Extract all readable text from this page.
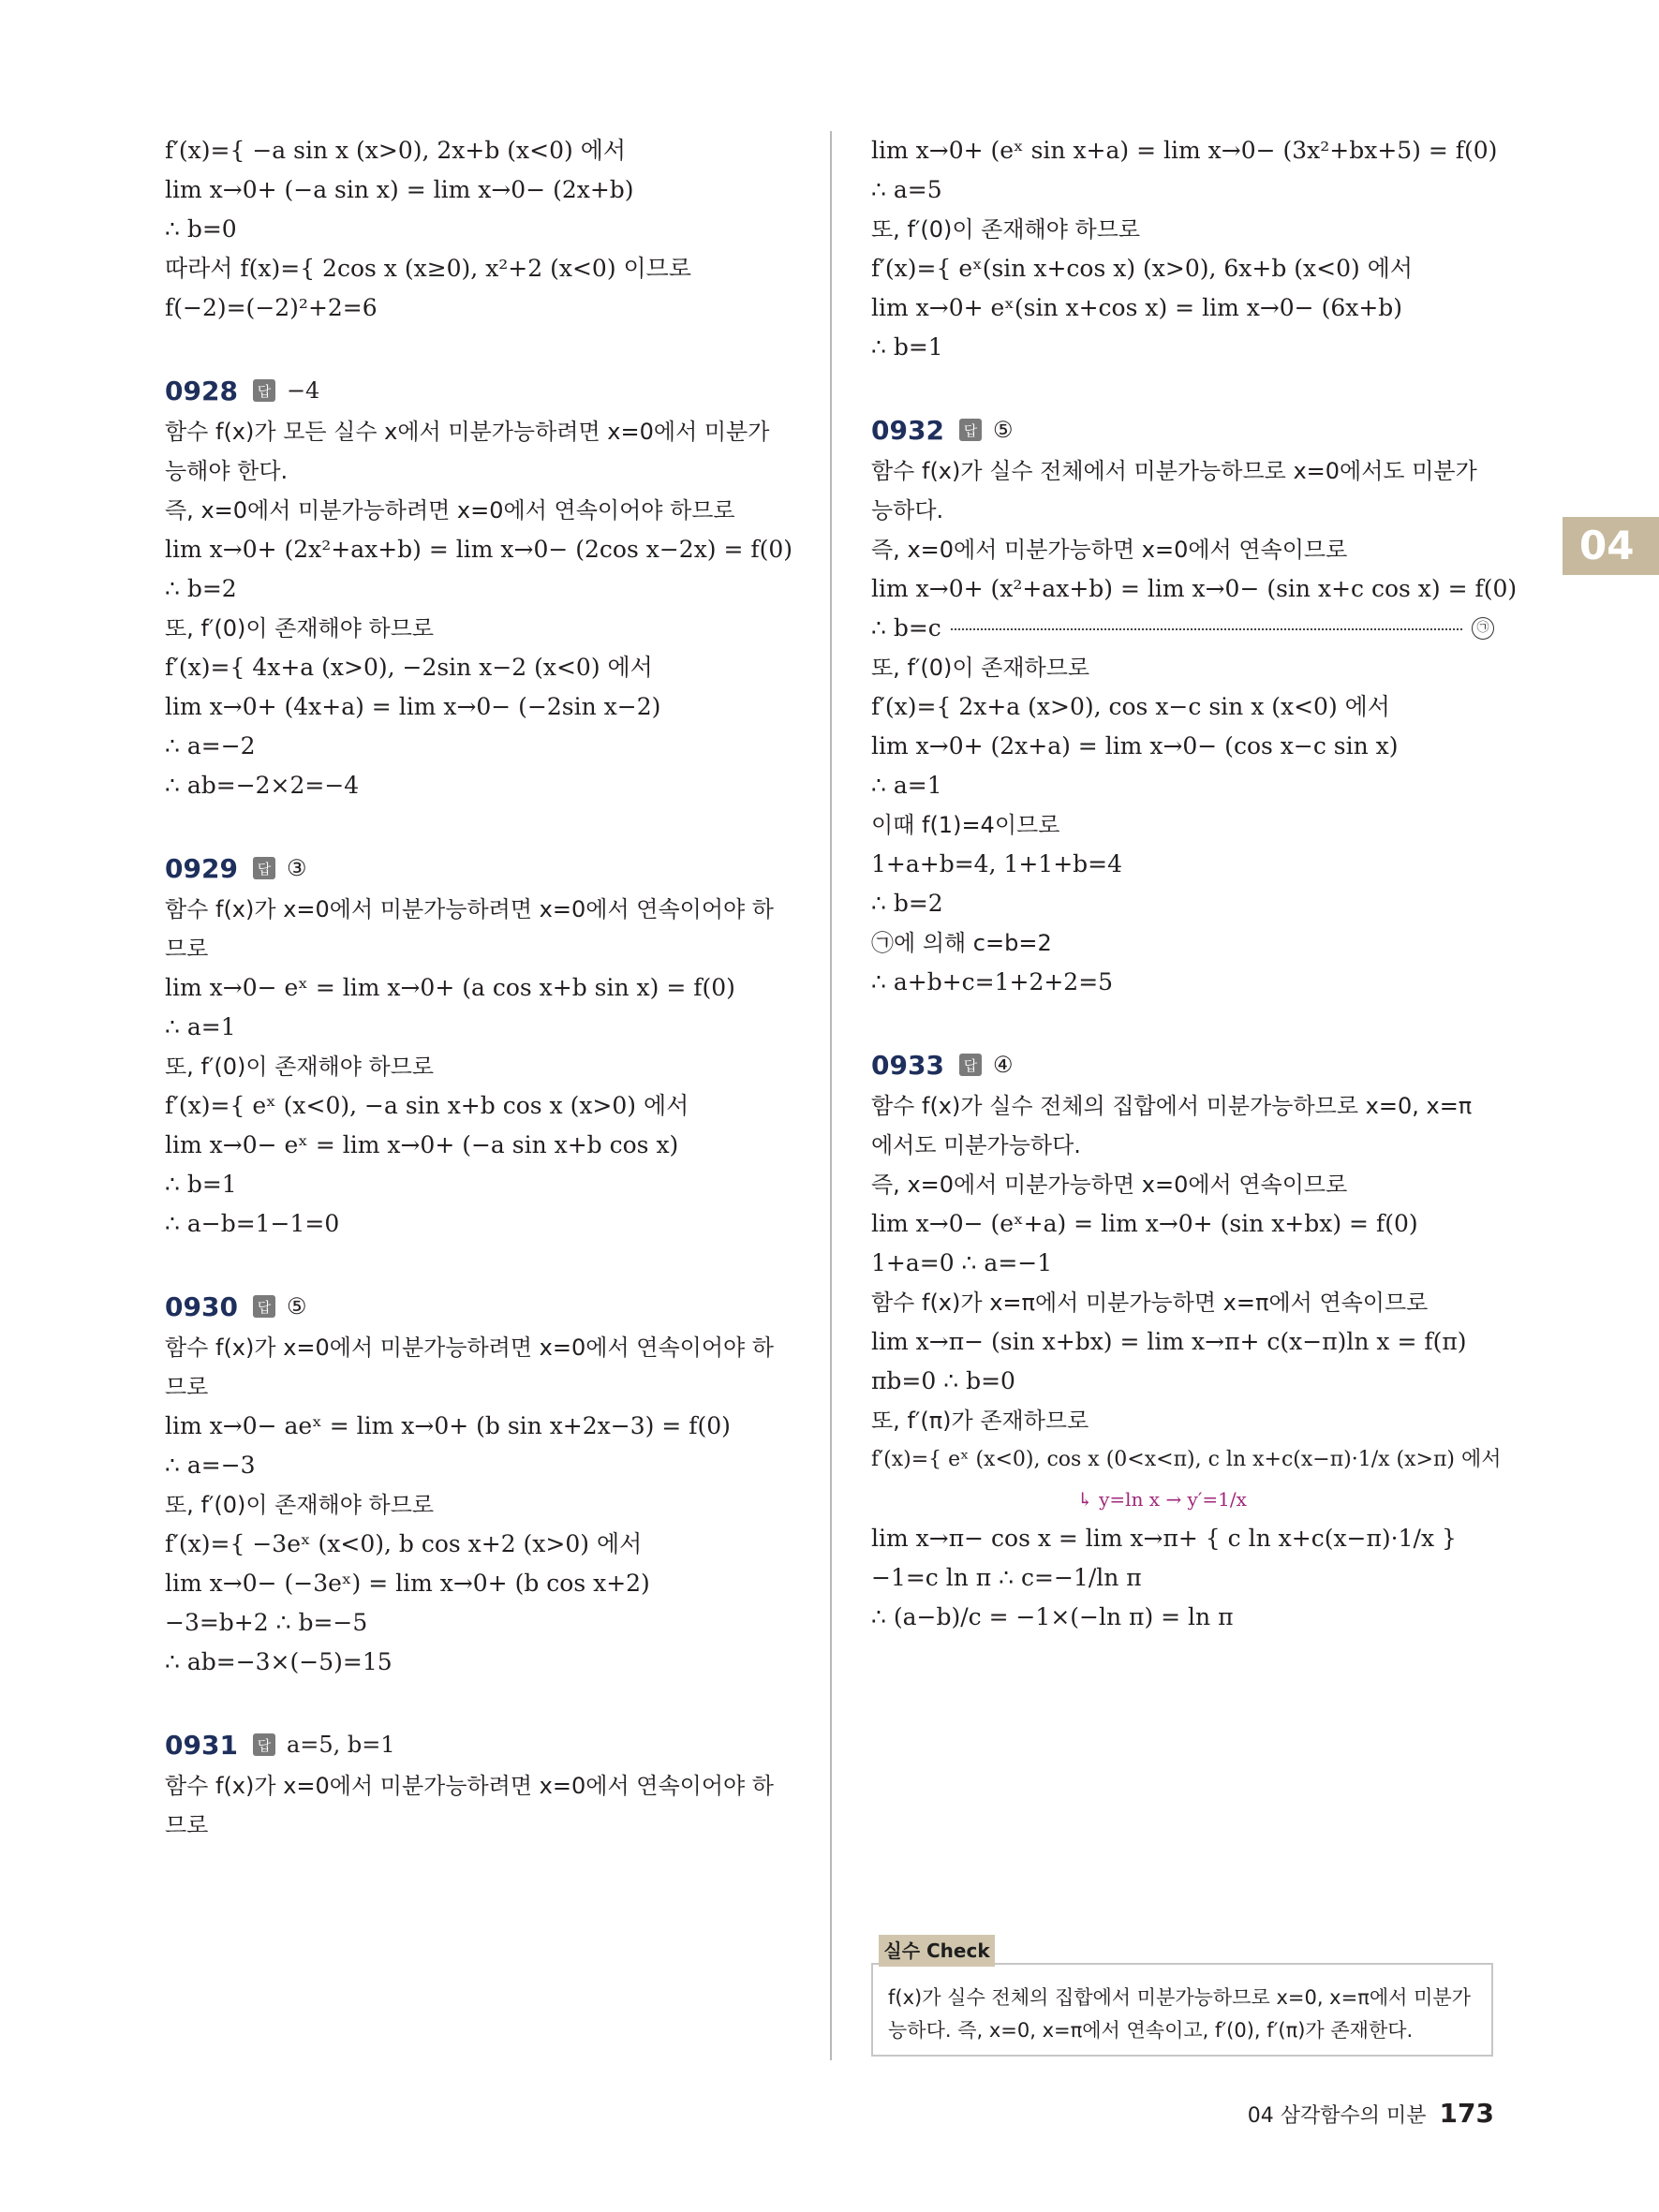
f′(x)={ −a sin x (x>0), 2x+b (x<0) 에서
lim x→0+ (−a sin x) = lim x→0− (2x+b)
∴ b=0
따라서 f(x)={ 2cos x (x≥0), x²+2 (x<0) 이므로
f(−2)=(−2)²+2=6
0928	답 −4
함수 f(x)가 모든 실수 x에서 미분가능하려면 x=0에서 미분가
능해야 한다.
즉, x=0에서 미분가능하려면 x=0에서 연속이어야 하므로
lim x→0+ (2x²+ax+b) = lim x→0− (2cos x−2x) = f(0)
∴ b=2
또, f′(0)이 존재해야 하므로
f′(x)={ 4x+a (x>0), −2sin x−2 (x<0) 에서
lim x→0+ (4x+a) = lim x→0− (−2sin x−2)
∴ a=−2
∴ ab=−2×2=−4
0929	답 ③
함수 f(x)가 x=0에서 미분가능하려면 x=0에서 연속이어야 하
므로
lim x→0− eˣ = lim x→0+ (a cos x+b sin x) = f(0)
∴ a=1
또, f′(0)이 존재해야 하므로
f′(x)={ eˣ (x<0), −a sin x+b cos x (x>0) 에서
lim x→0− eˣ = lim x→0+ (−a sin x+b cos x)
∴ b=1
∴ a−b=1−1=0
0930	답 ⑤
함수 f(x)가 x=0에서 미분가능하려면 x=0에서 연속이어야 하
므로
lim x→0− aeˣ = lim x→0+ (b sin x+2x−3) = f(0)
∴ a=−3
또, f′(0)이 존재해야 하므로
f′(x)={ −3eˣ (x<0), b cos x+2 (x>0) 에서
lim x→0− (−3eˣ) = lim x→0+ (b cos x+2)
−3=b+2 ∴ b=−5
∴ ab=−3×(−5)=15
0931	답 a=5, b=1
함수 f(x)가 x=0에서 미분가능하려면 x=0에서 연속이어야 하
므로
lim x→0+ (eˣ sin x+a) = lim x→0− (3x²+bx+5) = f(0)
∴ a=5
또, f′(0)이 존재해야 하므로
f′(x)={ eˣ(sin x+cos x) (x>0), 6x+b (x<0) 에서
lim x→0+ eˣ(sin x+cos x) = lim x→0− (6x+b)
∴ b=1
0932	답 ⑤
함수 f(x)가 실수 전체에서 미분가능하므로 x=0에서도 미분가
능하다.
즉, x=0에서 미분가능하면 x=0에서 연속이므로
lim x→0+ (x²+ax+b) = lim x→0− (sin x+c cos x) = f(0)
∴ b=c	㉠
또, f′(0)이 존재하므로
f′(x)={ 2x+a (x>0), cos x−c sin x (x<0) 에서
lim x→0+ (2x+a) = lim x→0− (cos x−c sin x)
∴ a=1
이때 f(1)=4이므로
1+a+b=4, 1+1+b=4
∴ b=2
㉠에 의해 c=b=2
∴ a+b+c=1+2+2=5
0933	답 ④
함수 f(x)가 실수 전체의 집합에서 미분가능하므로 x=0, x=π
에서도 미분가능하다.
즉, x=0에서 미분가능하면 x=0에서 연속이므로
lim x→0− (eˣ+a) = lim x→0+ (sin x+bx) = f(0)
1+a=0 ∴ a=−1
함수 f(x)가 x=π에서 미분가능하면 x=π에서 연속이므로
lim x→π− (sin x+bx) = lim x→π+ c(x−π)ln x = f(π)
πb=0 ∴ b=0
또, f′(π)가 존재하므로
f′(x)={ eˣ (x<0), cos x (0<x<π), c ln x+c(x−π)·1/x (x>π) 에서
↳ y=ln x → y′=1/x
lim x→π− cos x = lim x→π+ { c ln x+c(x−π)·1/x }
−1=c ln π ∴ c=−1/ln π
∴ (a−b)/c = −1×(−ln π) = ln π
f(x)가 실수 전체의 집합에서 미분가능하므로 x=0, x=π에서 미분가
능하다. 즉, x=0, x=π에서 연속이고, f′(0), f′(π)가 존재한다.
실수 Check
04
04 삼각함수의 미분 173
